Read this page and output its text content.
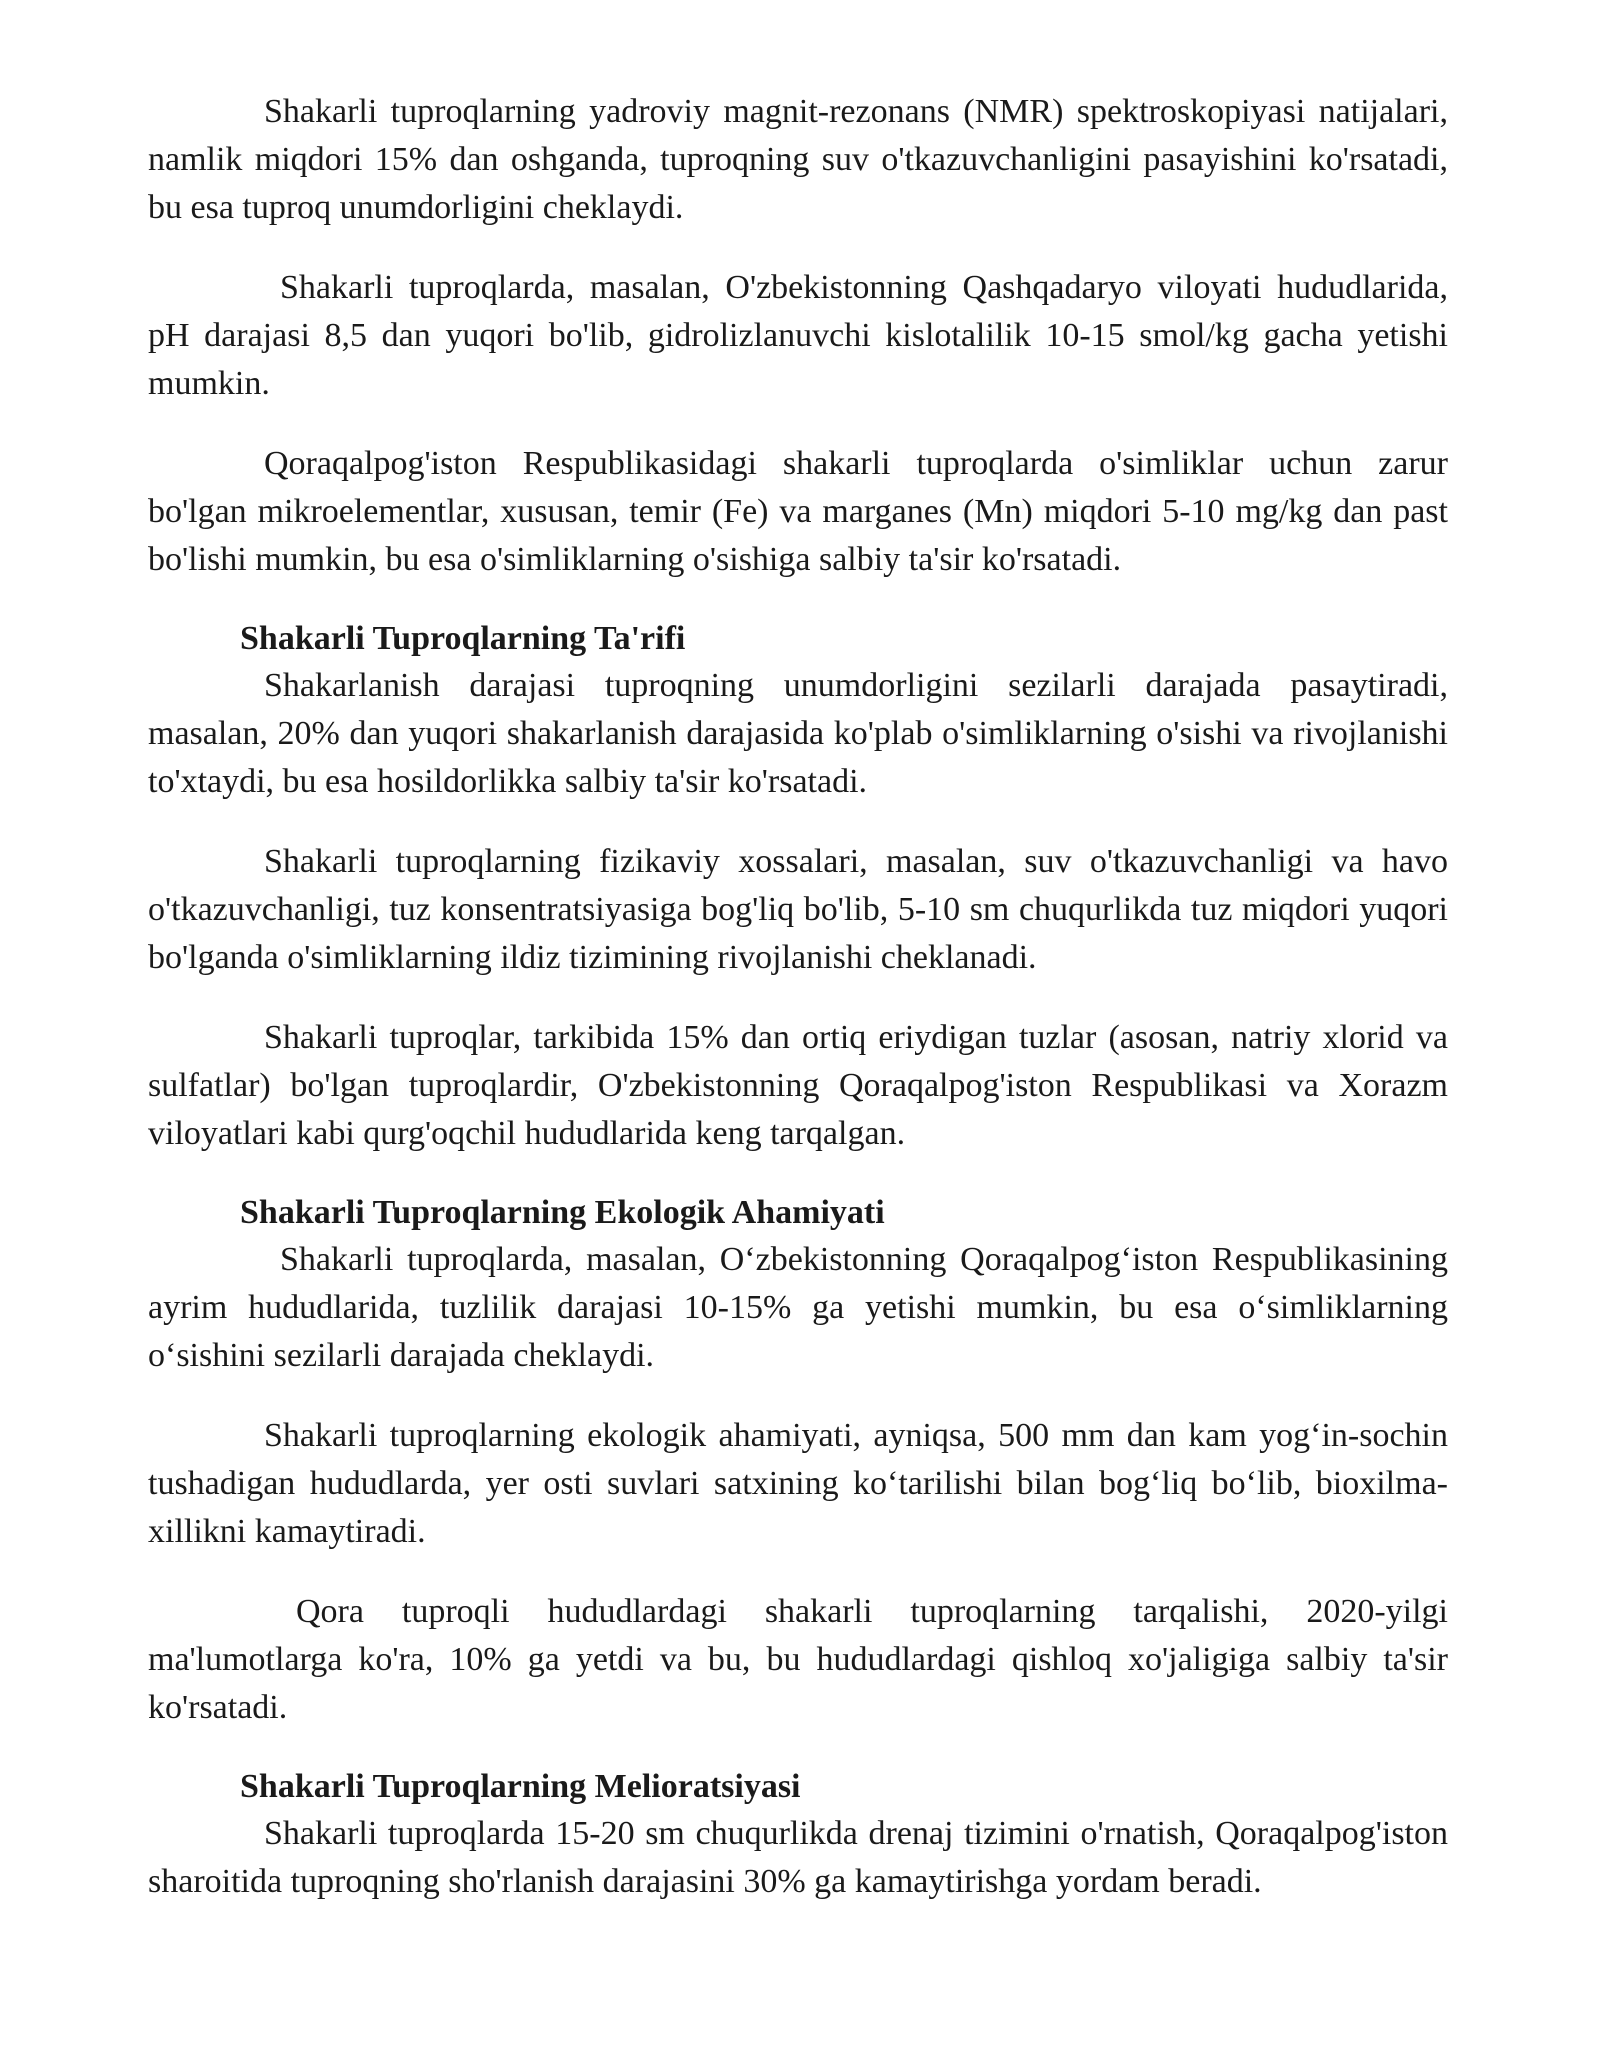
Shakarli tuproqlarning yadroviy magnit-rezonans (NMR) spektroskopiyasi natijalari, namlik miqdori 15% dan oshganda, tuproqning suv o'tkazuvchanligini pasayishini ko'rsatadi, bu esa tuproq unumdorligini cheklaydi.

Shakarli tuproqlarda, masalan, O'zbekistonning Qashqadaryo viloyati hududlarida, pH darajasi 8,5 dan yuqori bo'lib, gidrolizlanuvchi kislotalilik 10-15 smol/kg gacha yetishi mumkin.

Qoraqalpog'iston Respublikasidagi shakarli tuproqlarda o'simliklar uchun zarur bo'lgan mikroelementlar, xususan, temir (Fe) va marganes (Mn) miqdori 5-10 mg/kg dan past bo'lishi mumkin, bu esa o'simliklarning o'sishiga salbiy ta'sir ko'rsatadi.

Shakarli Tuproqlarning Ta'rifi

Shakarlanish darajasi tuproqning unumdorligini sezilarli darajada pasaytiradi, masalan, 20% dan yuqori shakarlanish darajasida ko'plab o'simliklarning o'sishi va rivojlanishi to'xtaydi, bu esa hosildorlikka salbiy ta'sir ko'rsatadi.

Shakarli tuproqlarning fizikaviy xossalari, masalan, suv o'tkazuvchanligi va havo o'tkazuvchanligi, tuz konsentratsiyasiga bog'liq bo'lib, 5-10 sm chuqurlikda tuz miqdori yuqori bo'lganda o'simliklarning ildiz tizimining rivojlanishi cheklanadi.

Shakarli tuproqlar, tarkibida 15% dan ortiq eriydigan tuzlar (asosan, natriy xlorid va sulfatlar) bo'lgan tuproqlardir, O'zbekistonning Qoraqalpog'iston Respublikasi va Xorazm viloyatlari kabi qurg'oqchil hududlarida keng tarqalgan.

Shakarli Tuproqlarning Ekologik Ahamiyati

Shakarli tuproqlarda, masalan, O‘zbekistonning Qoraqalpog‘iston Respublikasining ayrim hududlarida, tuzlilik darajasi 10-15% ga yetishi mumkin, bu esa o‘simliklarning o‘sishini sezilarli darajada cheklaydi.

Shakarli tuproqlarning ekologik ahamiyati, ayniqsa, 500 mm dan kam yog‘in-sochin tushadigan hududlarda, yer osti suvlari satxining ko‘tarilishi bilan bog‘liq bo‘lib, bioxilma-xillikni kamaytiradi.

Qora tuproqli hududlardagi shakarli tuproqlarning tarqalishi, 2020-yilgi ma'lumotlarga ko'ra, 10% ga yetdi va bu, bu hududlardagi qishloq xo'jaligiga salbiy ta'sir ko'rsatadi.

Shakarli Tuproqlarning Melioratsiyasi

Shakarli tuproqlarda 15-20 sm chuqurlikda drenaj tizimini o'rnatish, Qoraqalpog'iston sharoitida tuproqning sho'rlanish darajasini 30% ga kamaytirishga yordam beradi.
